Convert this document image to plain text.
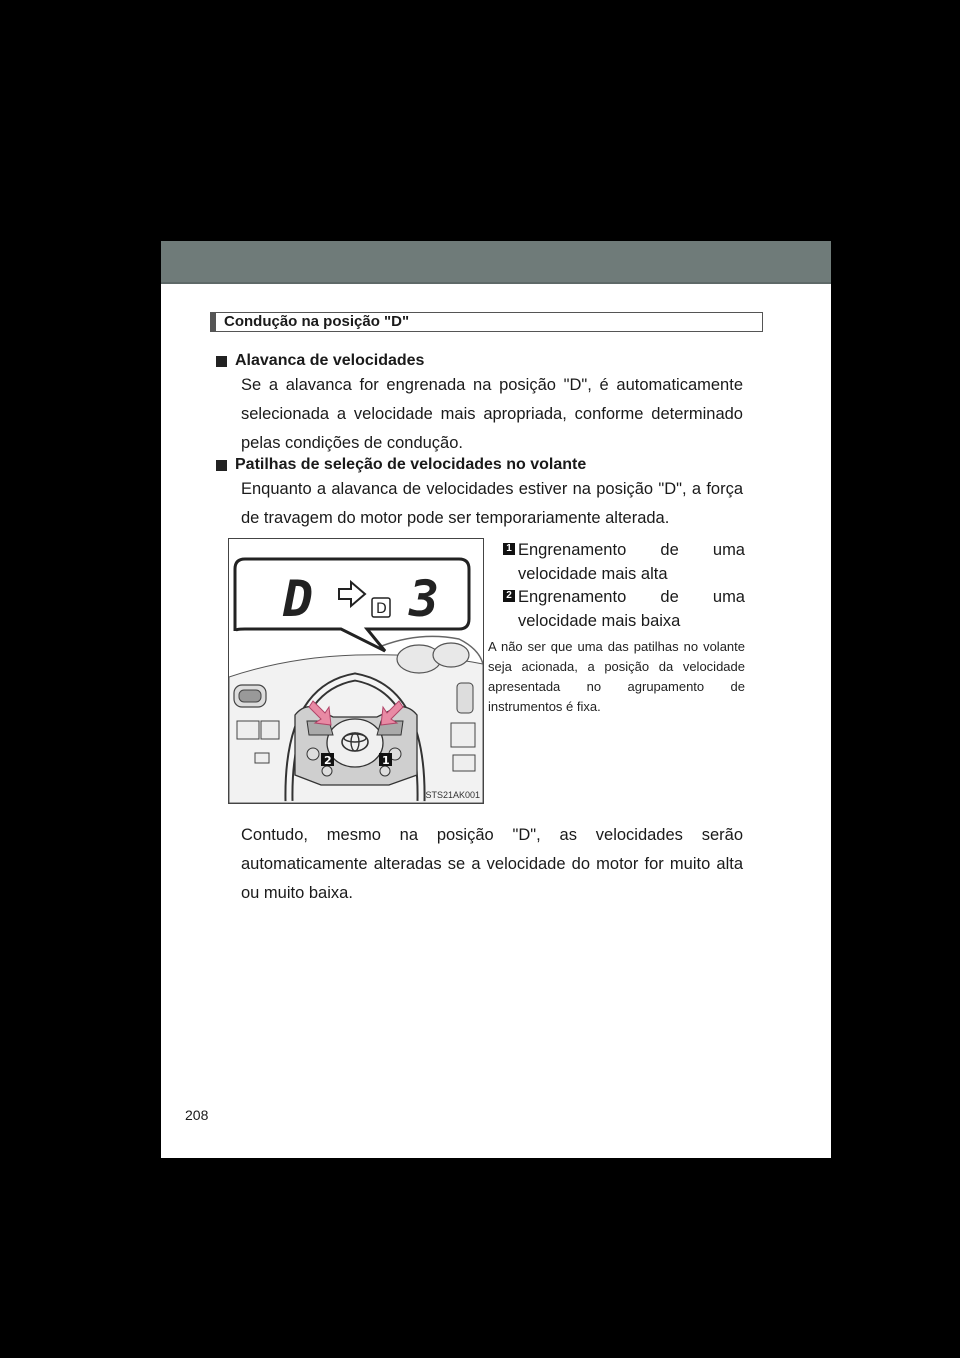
Condução na posição "D"
Alavanca de velocidades
Se a alavanca for engrenada na posição "D", é automaticamente selecionada a velocidade mais apropriada, conforme determinado pelas condições de condução.
Patilhas de seleção de velocidades no volante
Enquanto a alavanca de velocidades estiver na posição "D", a força de travagem do motor pode ser temporariamente alterada.
D	D 3
2	1
STS21AK001
1 Engrenamento de uma
velocidade mais alta
2 Engrenamento de uma
velocidade mais baixa
A não ser que uma das patilhas no volante seja acionada, a posição da velocidade apresentada no agrupamento de instrumentos é fixa.
Contudo, mesmo na posição "D", as velocidades serão automaticamente alteradas se a velocidade do motor for muito alta ou muito baixa.
208
